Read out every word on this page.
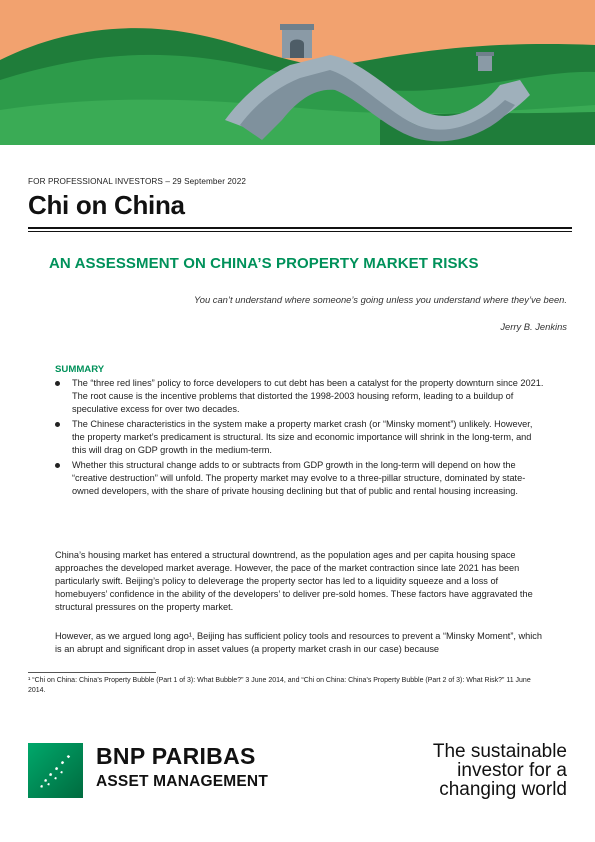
FOR PROFESSIONAL INVESTORS – 29 September 2022
Chi on China
AN ASSESSMENT ON CHINA’S PROPERTY MARKET RISKS
You can’t understand where someone’s going unless you understand where they’ve been.
Jerry B. Jenkins
SUMMARY
The “three red lines” policy to force developers to cut debt has been a catalyst for the property downturn since 2021. The root cause is the incentive problems that distorted the 1998-2003 housing reform, leading to a buildup of speculative excess for over two decades.
The Chinese characteristics in the system make a property market crash (or “Minsky moment”) unlikely. However, the property market’s predicament is structural. Its size and economic importance will shrink in the long-term, and this will drag on GDP growth in the medium-term.
Whether this structural change adds to or subtracts from GDP growth in the long-term will depend on how the “creative destruction” will unfold. The property market may evolve to a three-pillar structure, dominated by state-owned developers, with the share of private housing declining but that of public and rental housing increasing.

China’s housing market has entered a structural downtrend, as the population ages and per capita housing space approaches the developed market average. However, the pace of the market contraction since late 2021 has been particularly swift. Beijing’s policy to deleverage the property sector has led to a liquidity squeeze and a loss of homebuyers’ confidence in the ability of the developers’ to deliver pre-sold homes. These factors have aggravated the structural pressures on the property market.

However, as we argued long ago¹, Beijing has sufficient policy tools and resources to prevent a “Minsky Moment”, which is an abrupt and significant drop in asset values (a property market crash in our case) because

¹ “Chi on China: China’s Property Bubble (Part 1 of 3): What Bubble?” 3 June 2014, and “Chi on China: China’s Property Bubble (Part 2 of 3): What Risk?” 11 June 2014.
BNP PARIBAS
ASSET MANAGEMENT
The sustainable
investor for a
changing world
